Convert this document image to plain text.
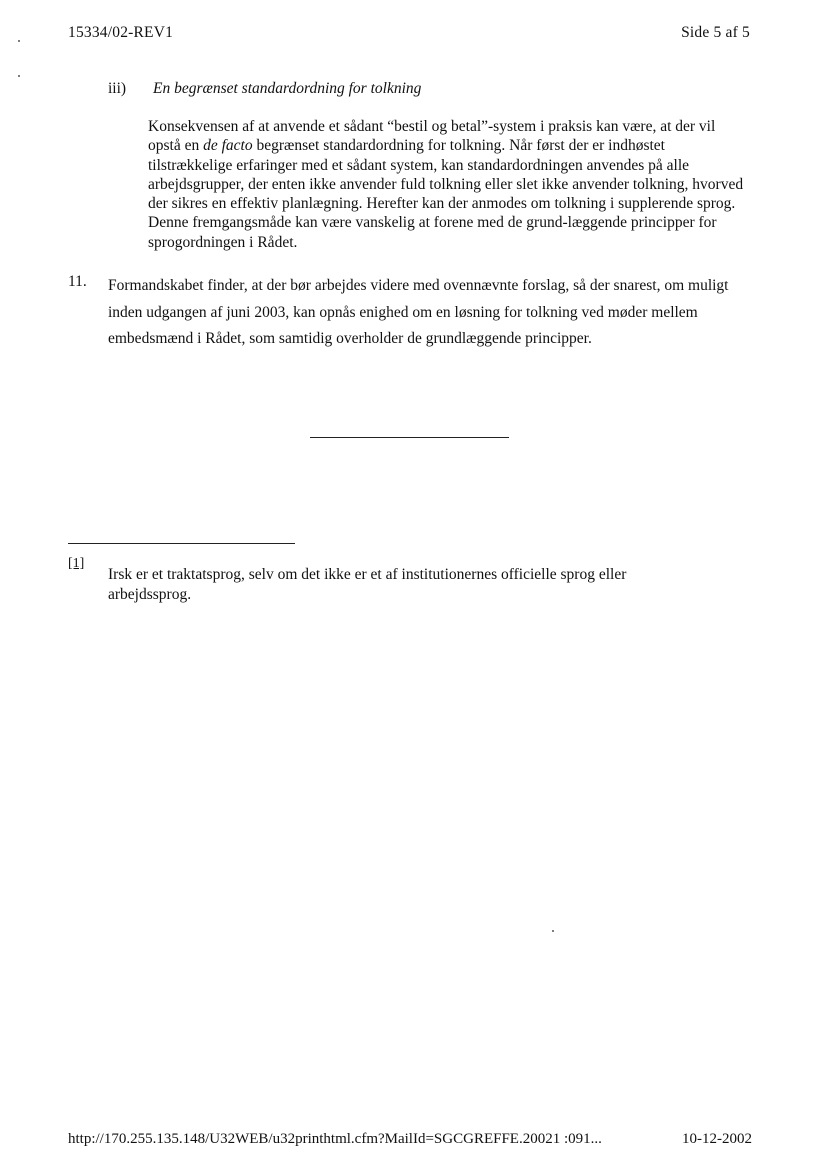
15334/02-REV1	Side 5 af 5
iii) En begrænset standardordning for tolkning
Konsekvensen af at anvende et sådant “bestil og betal”-system i praksis kan være, at der vil opstå en de facto begrænset standardordning for tolkning. Når først der er indhøstet tilstrækkelige erfaringer med et sådant system, kan standardordningen anvendes på alle arbejdsgrupper, der enten ikke anvender fuld tolkning eller slet ikke anvender tolkning, hvorved der sikres en effektiv planlægning. Herefter kan der anmodes om tolkning i supplerende sprog. Denne fremgangsmåde kan være vanskelig at forene med de grund-læggende principper for sprogordningen i Rådet.
11. Formandskabet finder, at der bør arbejdes videre med ovennævnte forslag, så der snarest, om muligt inden udgangen af juni 2003, kan opnås enighed om en løsning for tolkning ved møder mellem embedsmænd i Rådet, som samtidig overholder de grundlæggende principper.
[1]
Irsk er et traktatsprog, selv om det ikke er et af institutionernes officielle sprog eller arbejdssprog.
http://170.255.135.148/U32WEB/u32printhtml.cfm?MailId=SGCGREFFE.20021 :091...	10-12-2002
